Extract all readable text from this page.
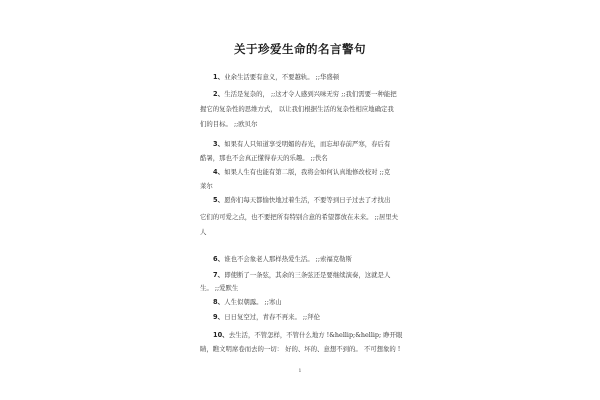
关于珍爱生命的名言警句
1、业余生活要有意义，不要越轨。 ;;华盛顿
2、生活是复杂的， ;;这才令人感到兴味无穷 ;;我们需要一种能把
握它的复杂性的思维方式， 以让我们根据生活的复杂性相应地确定我
们的目标。 ;;欧贝尔
3、如果有人只知道享受明媚的春光，而忘却春前严寒，春后有
酷暑，那也不会真正懂得春天的乐趣。 ;;佚名
4、如果人生有也能有第二版，我将会如何认真地修改校对 ;;克
莱尔
5、愿你们每天都愉快地过着生活，不要等到日子过去了才找出
它们的可爱之点，也不要把所有特别合意的希望都放在未来。 ;;居里夫
人
6、谁也不会象老人那样热爱生活。 ;;索福克勒斯
7、即使断了一条弦，其余的三条弦还是要继续演奏，这就是人
生。 ;;爱默生
8、人生似朝露。 ;;寒山
9、日日复空过，青春不再来。 ;;拜伦
10、去生活，不管怎样，不管什么地方 !&hellip;&hellip; 睁开眼
睛，瞧文明席卷而去的一切： 好的、坏的、意想不到的。 不可想象的 !
1
